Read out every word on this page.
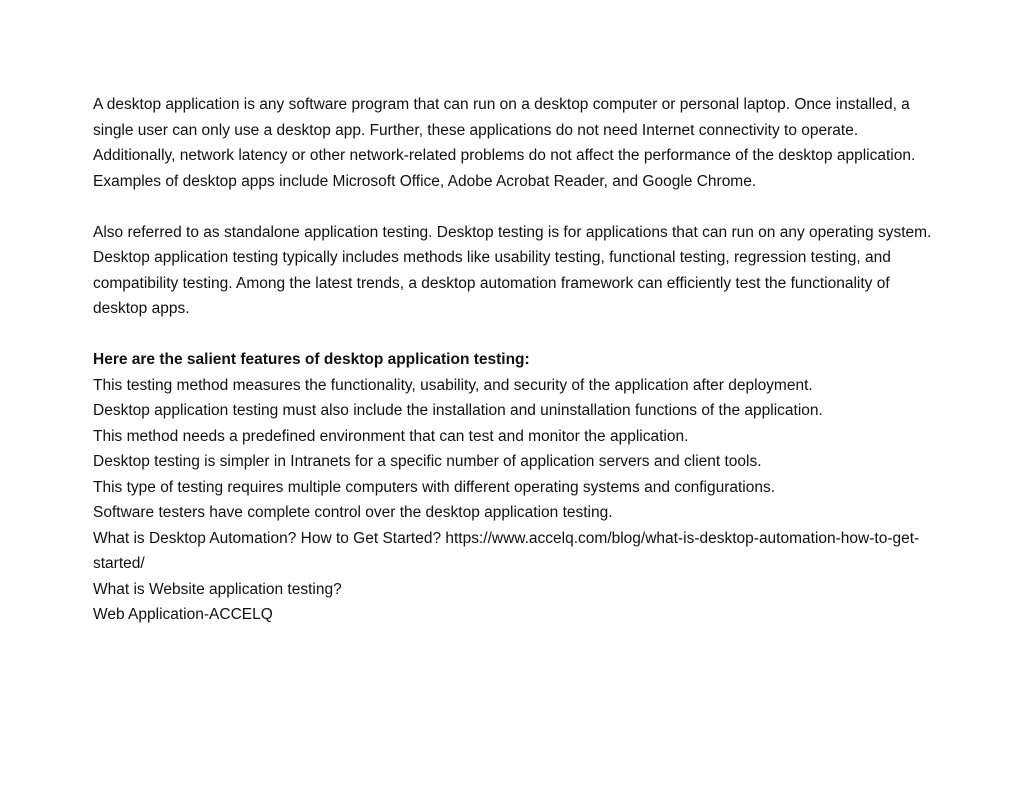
A desktop application is any software program that can run on a desktop computer or personal laptop. Once installed, a single user can only use a desktop app. Further, these applications do not need Internet connectivity to operate. Additionally, network latency or other network-related problems do not affect the performance of the desktop application. Examples of desktop apps include Microsoft Office, Adobe Acrobat Reader, and Google Chrome.

Also referred to as standalone application testing. Desktop testing is for applications that can run on any operating system. Desktop application testing typically includes methods like usability testing, functional testing, regression testing, and compatibility testing. Among the latest trends, a desktop automation framework can efficiently test the functionality of desktop apps.

Here are the salient features of desktop application testing:

This testing method measures the functionality, usability, and security of the application after deployment.

Desktop application testing must also include the installation and uninstallation functions of the application.

This method needs a predefined environment that can test and monitor the application.

Desktop testing is simpler in Intranets for a specific number of application servers and client tools.

This type of testing requires multiple computers with different operating systems and configurations.

Software testers have complete control over the desktop application testing.

What is Desktop Automation? How to Get Started? https://www.accelq.com/blog/what-is-desktop-automation-how-to-get-started/

What is Website application testing?

Web Application-ACCELQ
